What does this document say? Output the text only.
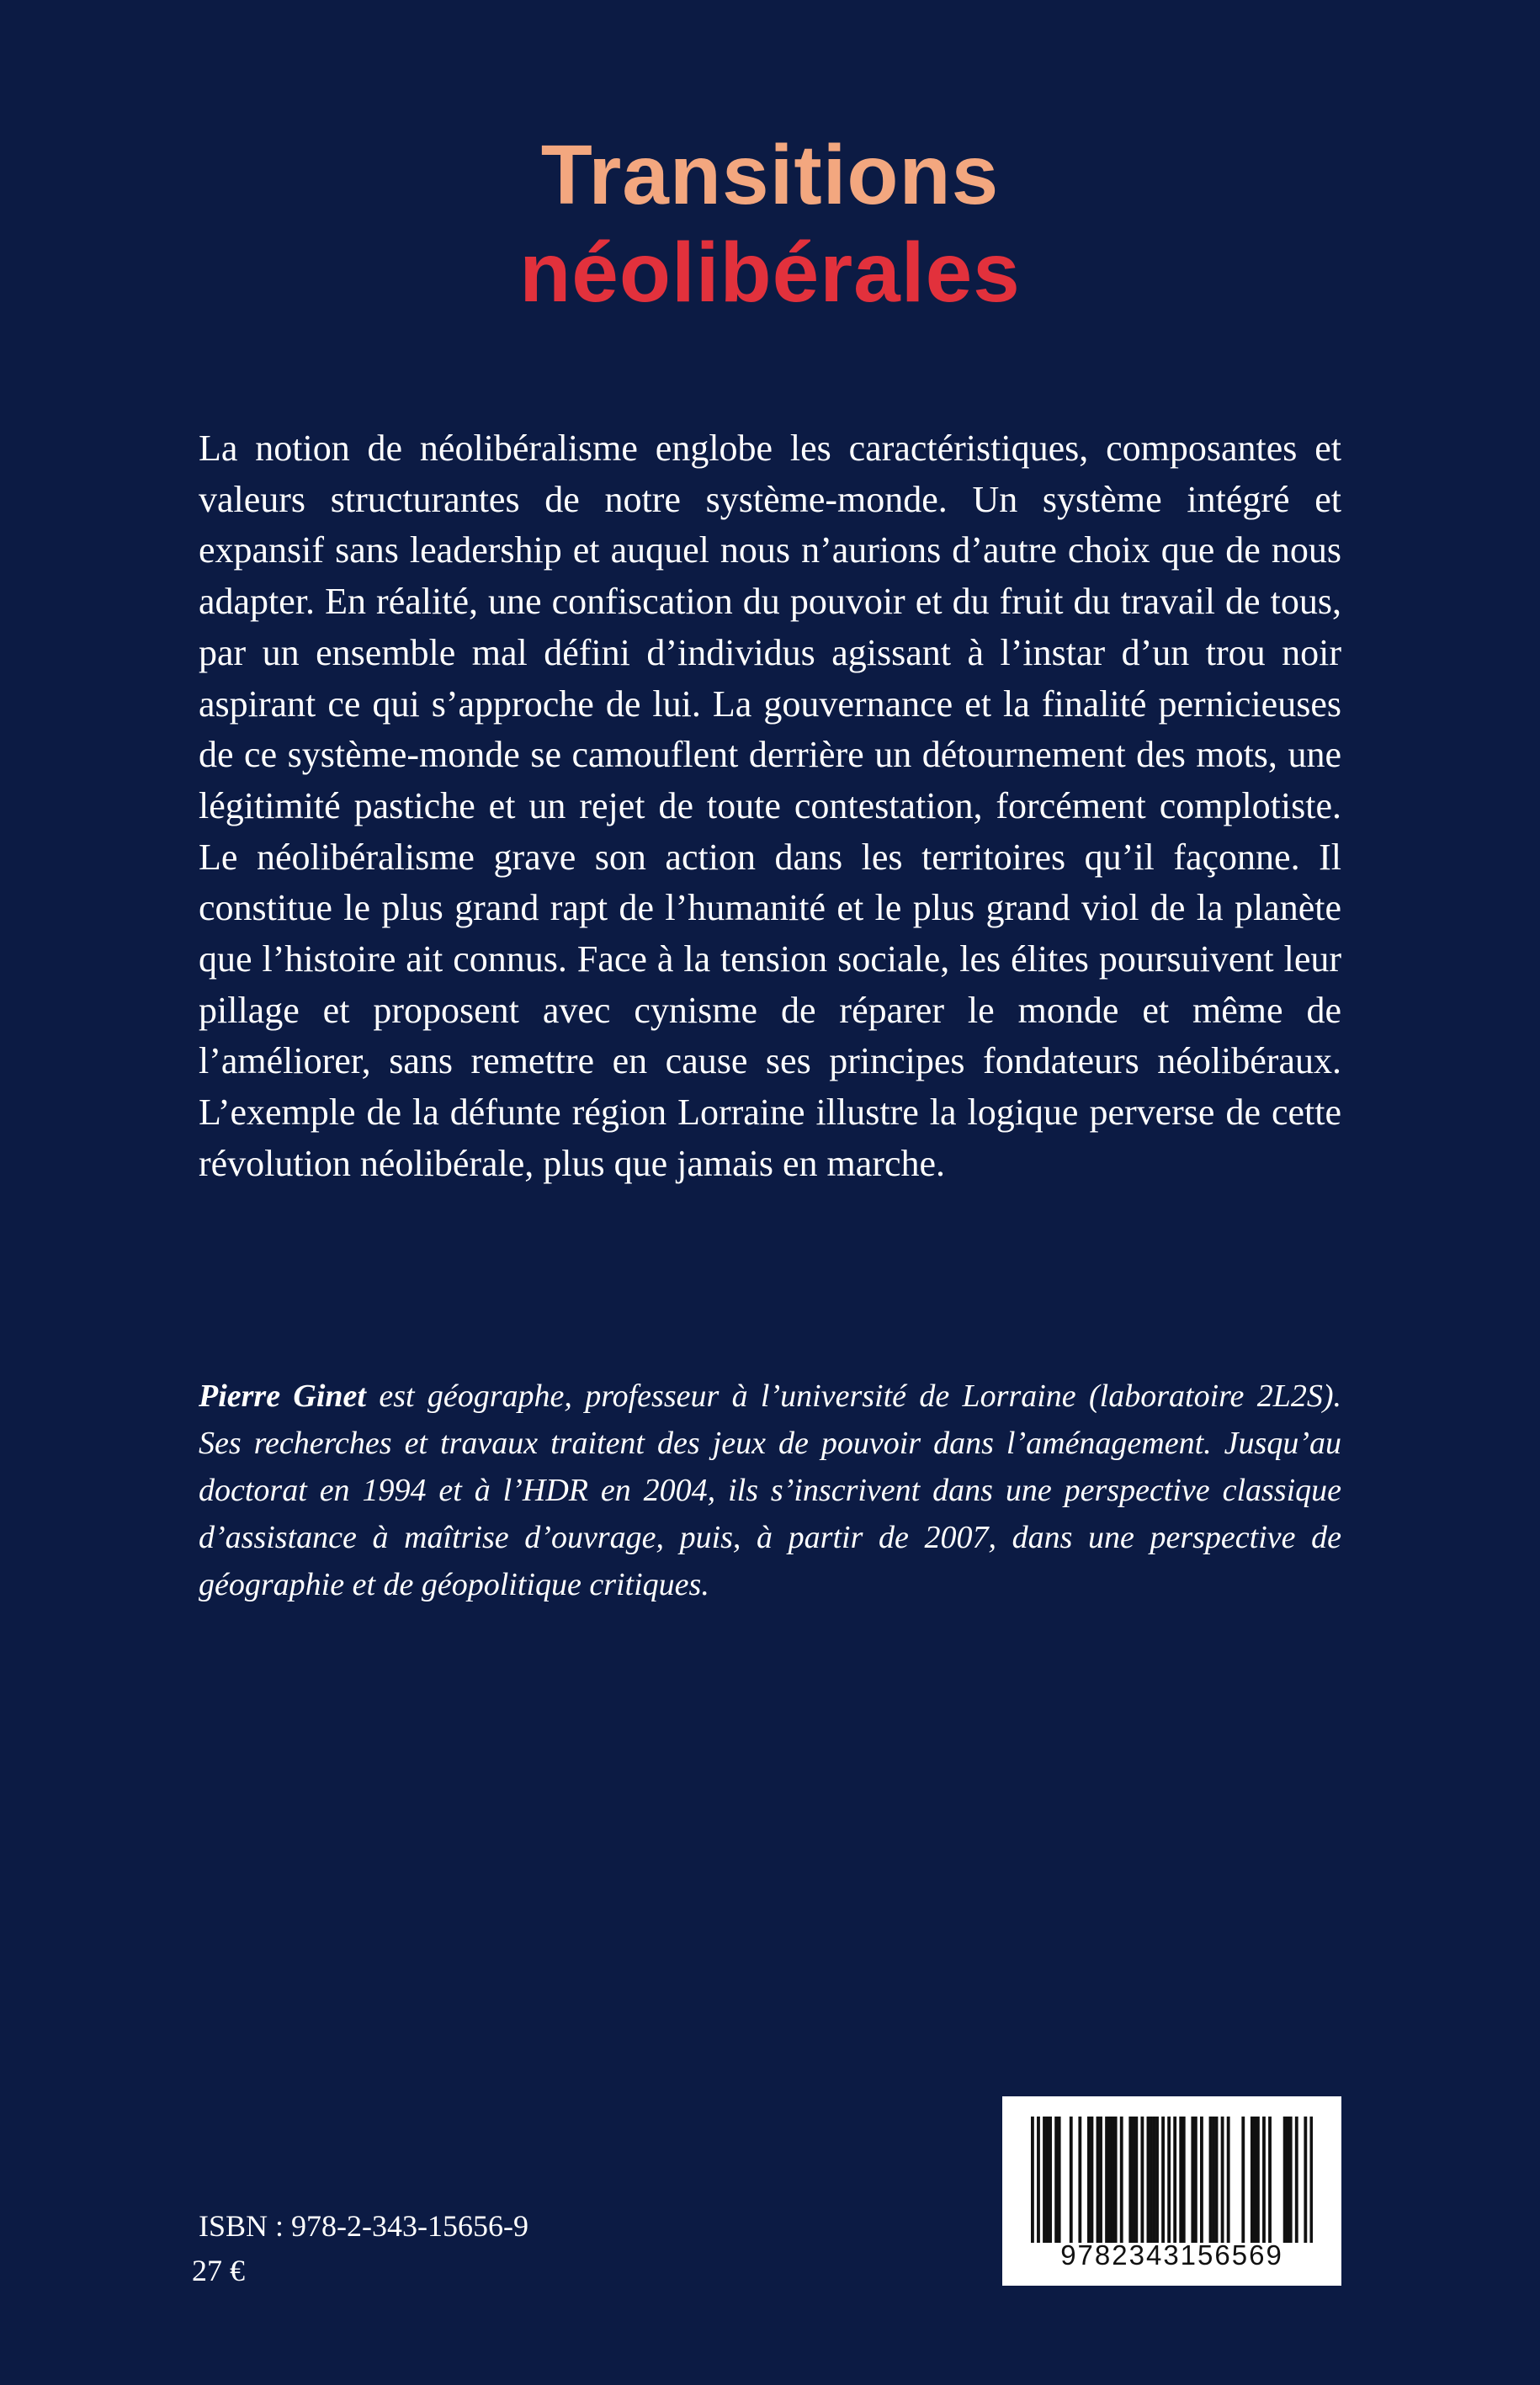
Transitions
néolibérales

La notion de néolibéralisme englobe les caractéristiques, composantes et valeurs structurantes de notre système-monde. Un système intégré et expansif sans leadership et auquel nous n’aurions d’autre choix que de nous adapter. En réalité, une confiscation du pouvoir et du fruit du travail de tous, par un ensemble mal défini d’individus agissant à l’instar d’un trou noir aspirant ce qui s’approche de lui. La gouvernance et la finalité pernicieuses de ce système-monde se camouflent derrière un détournement des mots, une légitimité pastiche et un rejet de toute contestation, forcément complotiste. Le néolibéralisme grave son action dans les territoires qu’il façonne. Il constitue le plus grand rapt de l’humanité et le plus grand viol de la planète que l’histoire ait connus. Face à la tension sociale, les élites poursuivent leur pillage et proposent avec cynisme de réparer le monde et même de l’améliorer, sans remettre en cause ses principes fondateurs néolibéraux. L’exemple de la défunte région Lorraine illustre la logique perverse de cette révolution néolibérale, plus que jamais en marche.

Pierre Ginet est géographe, professeur à l’université de Lorraine (laboratoire 2L2S). Ses recherches et travaux traitent des jeux de pouvoir dans l’aménagement. Jusqu’au doctorat en 1994 et à l’HDR en 2004, ils s’inscrivent dans une perspective classique d’assistance à maîtrise d’ouvrage, puis, à partir de 2007, dans une perspective de géographie et de géopolitique critiques.

ISBN : 978-2-343-15656-9
27 €	9782343156569
